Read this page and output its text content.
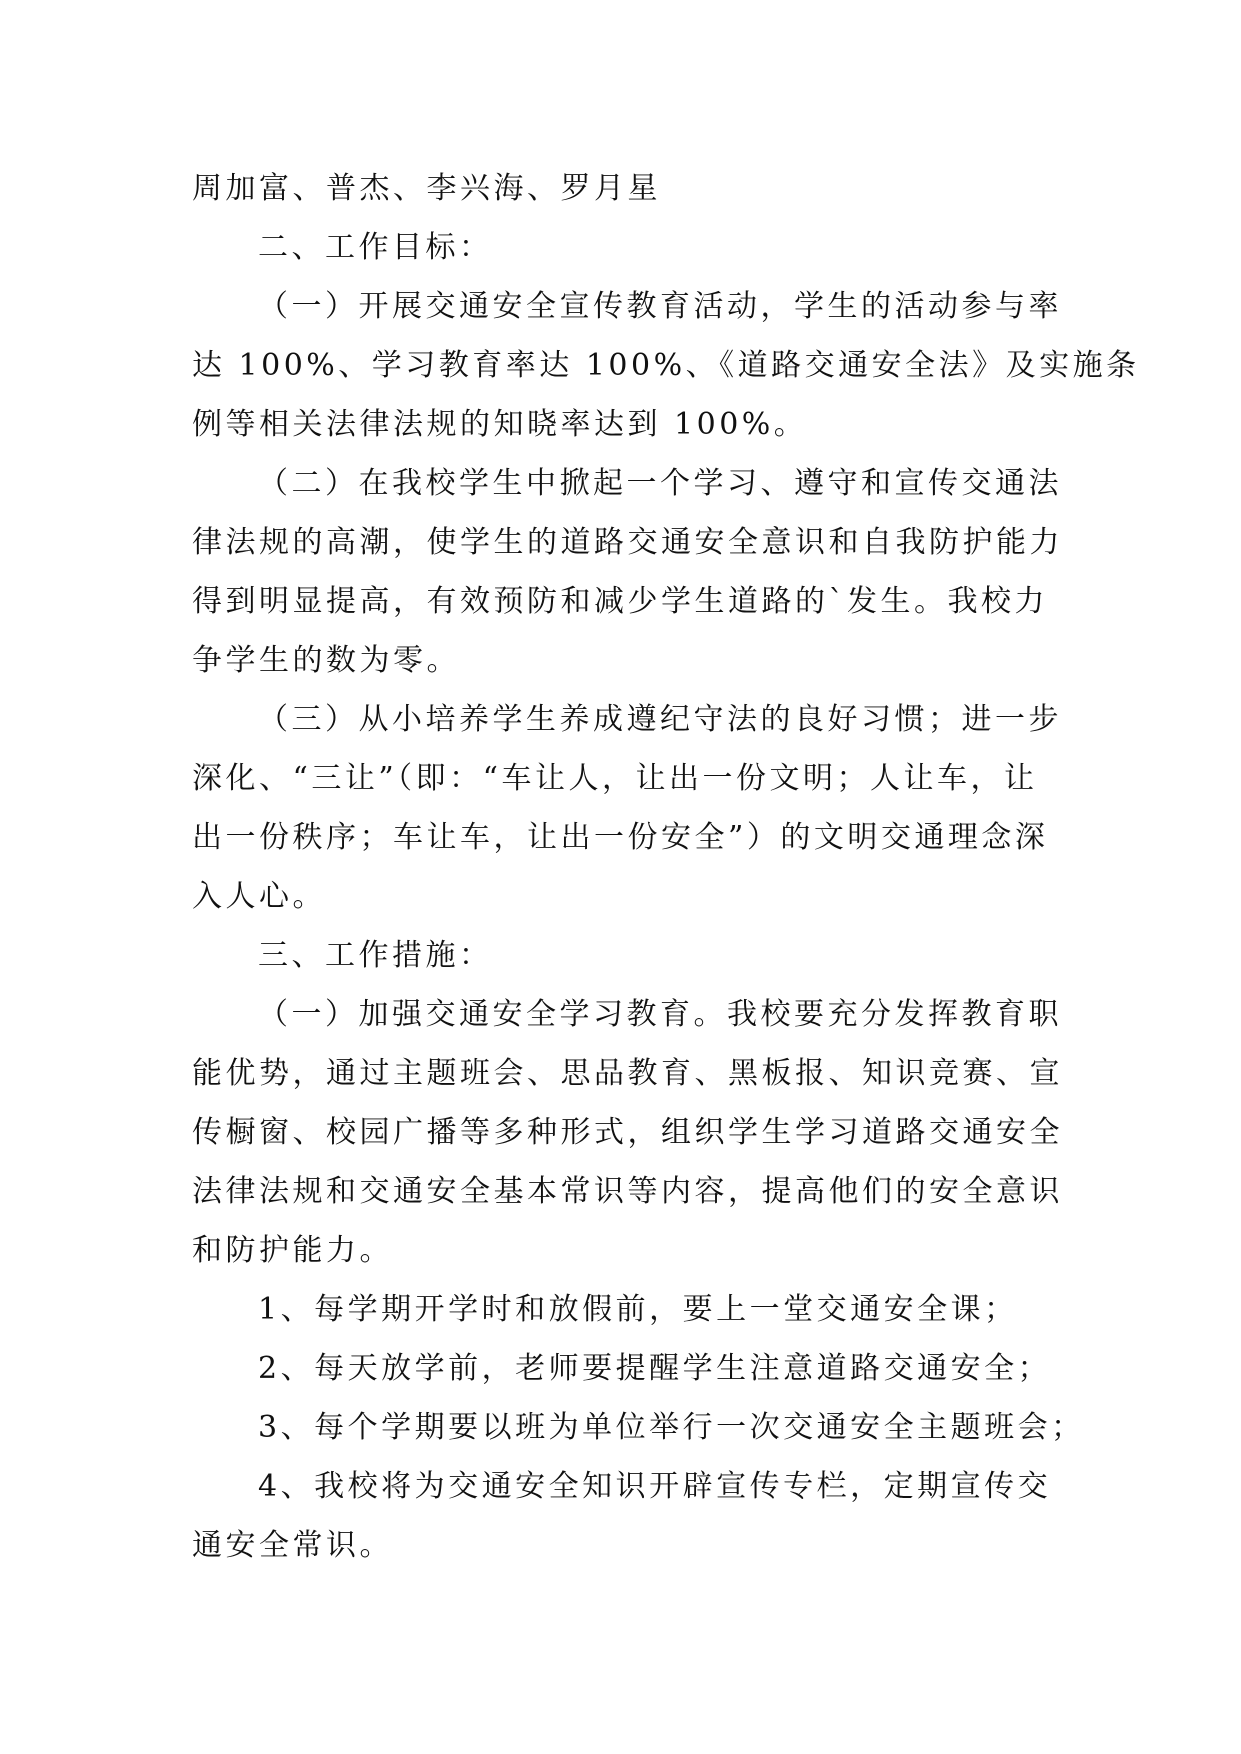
周加富、普杰、李兴海、罗月星
二、工作目标：
（一）开展交通安全宣传教育活动，学生的活动参与率
达 100%、学习教育率达 100%、《道路交通安全法》及实施条
例等相关法律法规的知晓率达到 100%。
（二）在我校学生中掀起一个学习、遵守和宣传交通法
律法规的高潮，使学生的道路交通安全意识和自我防护能力
得到明显提高，有效预防和减少学生道路的`发生。我校力
争学生的数为零。
（三）从小培养学生养成遵纪守法的良好习惯；进一步
深化、“三让”（即：“车让人，让出一份文明；人让车，让
出一份秩序；车让车，让出一份安全”）的文明交通理念深
入人心。
三、工作措施：
（一）加强交通安全学习教育。我校要充分发挥教育职
能优势，通过主题班会、思品教育、黑板报、知识竞赛、宣
传橱窗、校园广播等多种形式，组织学生学习道路交通安全
法律法规和交通安全基本常识等内容，提高他们的安全意识
和防护能力。
1、每学期开学时和放假前，要上一堂交通安全课；
2、每天放学前，老师要提醒学生注意道路交通安全；
3、每个学期要以班为单位举行一次交通安全主题班会；
4、我校将为交通安全知识开辟宣传专栏，定期宣传交
通安全常识。
